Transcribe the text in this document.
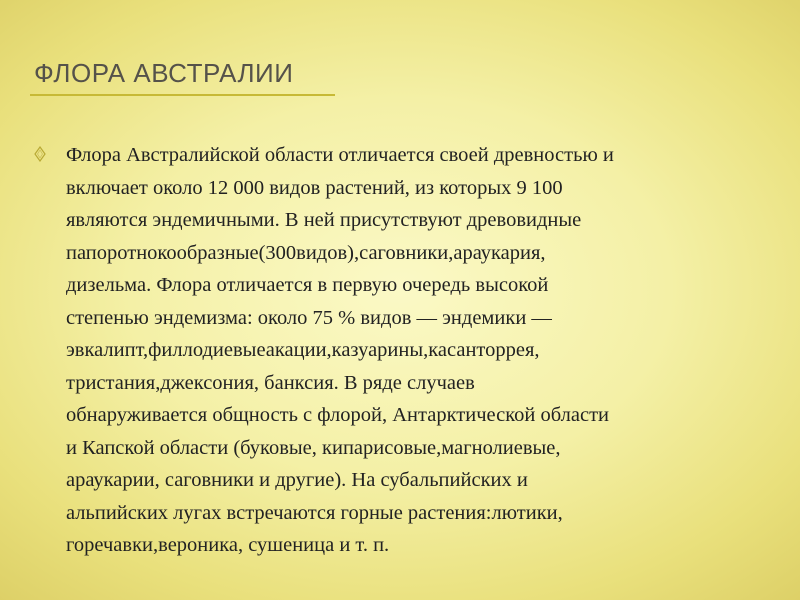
ФЛОРА АВСТРАЛИИ
Флора Австралийской области отличается своей древностью и
включает около 12 000 видов растений, из которых 9 100
являются эндемичными. В ней присутствуют древовидные
папоротнокообразные(300видов),саговники,араукария,
дизельма. Флора отличается в первую очередь высокой
степенью эндемизма: около 75 % видов — эндемики —
эвкалипт,филлодиевыеакации,казуарины,касанторрея,
тристания,джексония, банксия. В ряде случаев
обнаруживается общность с флорой, Антарктической области
и Капской области (буковые, кипарисовые,магнолиевые,
араукарии, саговники и другие). На субальпийских и
альпийских лугах встречаются горные растения:лютики,
горечавки,вероника, сушеница и т. п.
